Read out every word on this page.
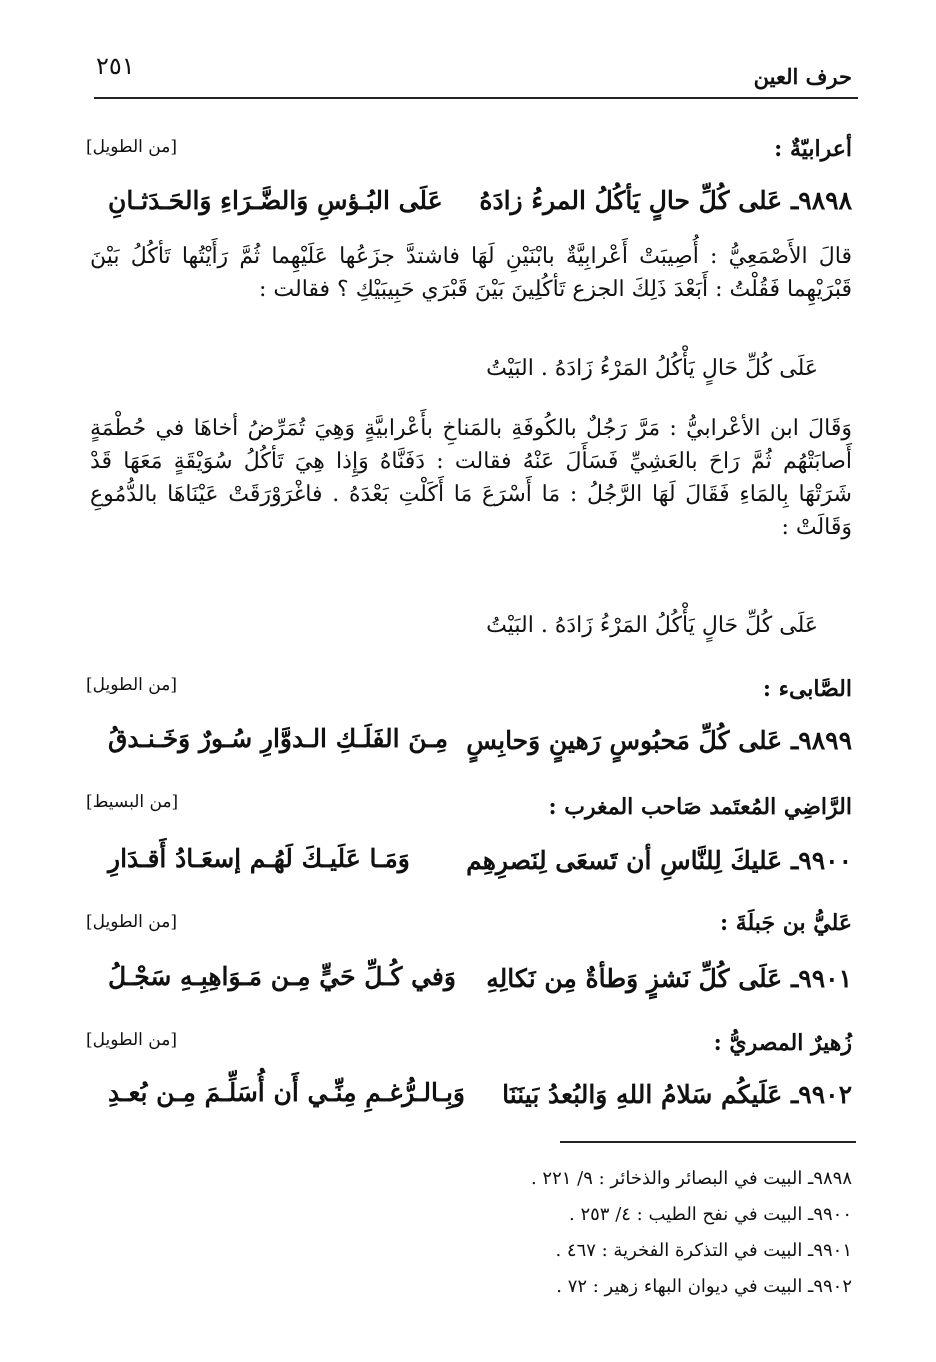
٢٥١	حرف العين
أعرابيّةٌ :
[من الطويل]
٩٨٩٨ـ عَلى كُلِّ حالٍ يَأكُلُ المرءُ زادَهُ
عَلَى البُـؤسِ وَالضَّـرَاءِ وَالحَـدَثـانِ
قالَ الأَصْمَعِيُّ : أُصِيبَتْ أَعْرابِيَّةٌ بابْنَيْنِ لَهَا فاشتدَّ جزَعُها عَلَيْهِما ثُمَّ رَأَيْتُها تَأكُلُ بَيْنَ قَبْرَيْهِما فَقُلْتُ : أَبَعْدَ ذَلِكَ الجزع تَأكُلِينَ بَيْنَ قَبْرَي حَبِيبَيْكِ ؟ فقالت :
عَلَى كُلِّ حَالٍ يَأْكُلُ المَرْءُ زَادَهُ . البَيْتُ
وَقَالَ ابن الأعْرابيُّ : مَرَّ رَجُلٌ بالكُوفَةِ بالمَناخِ بأَعْرابيَّةٍ وَهِيَ تُمَرِّضُ أخاهَا في حُطْمَةٍ أَصابَتْهُم ثُمَّ رَاحَ بالعَشِيِّ فَسَأَلَ عَنْهُ فقالت : دَفَنَّاهُ وَإِذا هِيَ تَأكُلُ سُوَيْقَةٍ مَعَهَا قَدْ شَرَتْهَا بِالمَاءِ فَقَالَ لَهَا الرَّجُلُ : مَا أَسْرَعَ مَا أَكَلْتِ بَعْدَهُ . فاغْرَوْرَقَتْ عَيْنَاهَا بالدُّمُوعِ وَقَالَتْ :
عَلَى كُلِّ حَالٍ يَأْكُلُ المَرْءُ زَادَهُ . البَيْتُ
الصَّابىء :
[من الطويل]
٩٨٩٩ـ عَلى كُلِّ مَحبُوسٍ رَهينٍ وَحابِسٍ
مِـنَ الفَلَـكِ الـدوَّارِ سُـورٌ وَخَـنـدقُ
الرَّاضِي المُعتَمد صَاحب المغرب :
[من البسيط]
٩٩٠٠ـ عَليكَ لِلنَّاسِ أن تَسعَى لِنَصرِهِم
وَمَـا عَلَيـكَ لَهُـم إسعَـادُ أَقـدَارِ
عَليُّ بن جَبلَةَ :
[من الطويل]
٩٩٠١ـ عَلَى كُلِّ نَشزٍ وَطأةٌ مِن نَكالِهِ
وَفي كُـلِّ حَيٍّ مِـن مَـوَاهِبِـهِ سَجْـلُ
زُهيرٌ المصريُّ :
[من الطويل]
٩٩٠٢ـ عَلَيكُم سَلامُ اللهِ وَالبُعدُ بَينَنَا
وَبِـالـرُّغـمِ مِنِّـي أَن أُسَلِّـمَ مِـن بُعـدِ
٩٨٩٨ـ البيت في البصائر والذخائر : ٩/ ٢٢١ .
٩٩٠٠ـ البيت في نفح الطيب : ٤/ ٢٥٣ .
٩٩٠١ـ البيت في التذكرة الفخرية : ٤٦٧ .
٩٩٠٢ـ البيت في ديوان البهاء زهير : ٧٢ .
